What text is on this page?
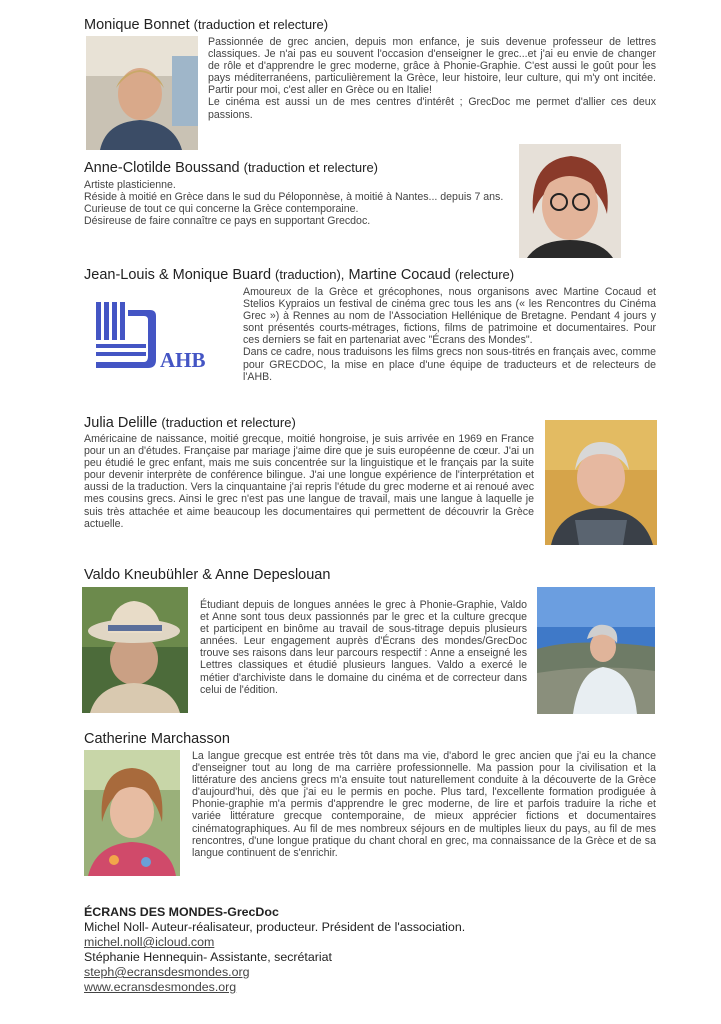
Monique Bonnet (traduction et relecture)

Passionnée de grec ancien, depuis mon enfance, je suis devenue professeur de lettres classiques. Je n'ai pas eu souvent l'occasion d'enseigner le grec...et j'ai eu envie de changer de rôle et d'apprendre le grec moderne, grâce à Phonie-Graphie. C'est aussi le goût pour les pays méditerranéens, particulièrement la Grèce, leur histoire, leur culture, qui m'y ont incitée. Partir pour moi, c'est aller en Grèce ou en Italie!

Le cinéma est aussi un de mes centres d'intérêt ; GrecDoc me permet d'allier ces deux passions.

Anne-Clotilde Boussand (traduction et relecture)

Artiste plasticienne.

Réside à moitié en Grèce dans le sud du Péloponnèse, à moitié à Nantes... depuis 7 ans.

Curieuse de tout ce qui concerne la Grèce contemporaine.

Désireuse de faire connaître ce pays en supportant Grecdoc.

Jean-Louis & Monique Buard (traduction), Martine Cocaud (relecture)
AHB

Amoureux de la Grèce et grécophones, nous organisons avec Martine Cocaud et Stelios Kypraios un festival de cinéma grec tous les ans (« les Rencontres du Cinéma Grec ») à Rennes au nom de l'Association Hellénique de Bretagne. Pendant 4 jours y sont présentés courts-métrages, fictions, films de patrimoine et documentaires. Pour ces derniers se fait en partenariat avec "Écrans des Mondes".

Dans ce cadre, nous traduisons les films grecs non sous-titrés en français avec, comme pour GRECDOC, la mise en place d'une équipe de traducteurs et de relecteurs de l'AHB.

Julia Delille (traduction et relecture)

Américaine de naissance, moitié grecque, moitié hongroise, je suis arrivée en 1969 en France pour un an d'études. Française par mariage j'aime dire que je suis européenne de cœur. J'ai un peu étudié le grec enfant, mais me suis concentrée sur la linguistique et le français par la suite pour devenir interprète de conférence bilingue. J'ai une longue expérience de l'interprétation et aussi de la traduction. Vers la cinquantaine j'ai repris l'étude du grec moderne et ai renoué avec mes cousins grecs. Ainsi le grec n'est pas une langue de travail, mais une langue à laquelle je suis très attachée et aime beaucoup les documentaires qui permettent de découvrir la Grèce actuelle.

Valdo Kneubühler & Anne Depeslouan

Étudiant depuis de longues années le grec à Phonie-Graphie, Valdo et Anne sont tous deux passionnés par le grec et la culture grecque et participent en binôme au travail de sous-titrage depuis plusieurs années. Leur engagement auprès d'Écrans des mondes/GrecDoc trouve ses raisons dans leur parcours respectif : Anne a enseigné les Lettres classiques et étudié plusieurs langues. Valdo a exercé le métier d'archiviste dans le domaine du cinéma et de correcteur dans celui de l'édition.

Catherine Marchasson

La langue grecque est entrée très tôt dans ma vie, d'abord le grec ancien que j'ai eu la chance d'enseigner tout au long de ma carrière professionnelle. Ma passion pour la civilisation et la littérature des anciens grecs m'a ensuite tout naturellement conduite à la découverte de la Grèce d'aujourd'hui, dès que j'ai eu le permis en poche. Plus tard, l'excellente formation prodiguée à Phonie-graphie m'a permis d'apprendre le grec moderne, de lire et parfois traduire la riche et variée littérature grecque contemporaine, de mieux apprécier fictions et documentaires cinématographiques. Au fil de mes nombreux séjours en de multiples lieux du pays, au fil de mes rencontres, d'une longue pratique du chant choral en grec, ma connaissance de la Grèce et de sa langue continuent de s'enrichir.

ÉCRANS DES MONDES-GrecDoc
Michel Noll- Auteur-réalisateur, producteur. Président de l'association.
michel.noll@icloud.com
Stéphanie Hennequin- Assistante, secrétariat
steph@ecransdesmondes.org
www.ecransdesmondes.org
